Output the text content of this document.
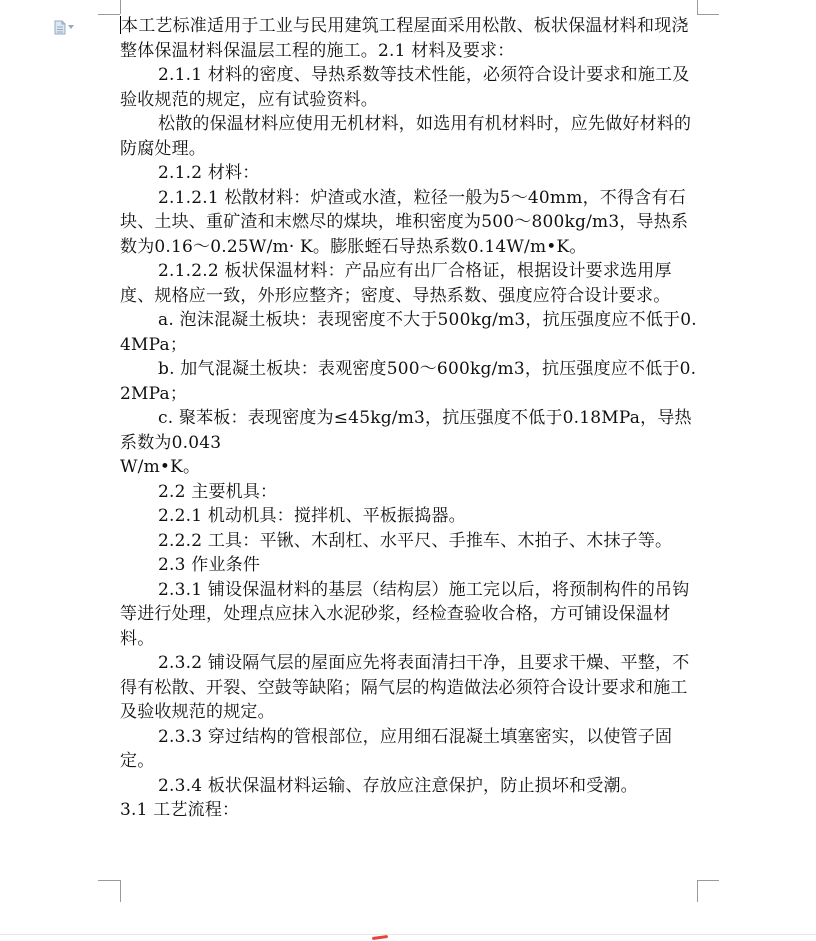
本工艺标准适用于工业与民用建筑工程屋面采用松散、板状保温材料和现浇整体保温材料保温层工程的施工。2.1 材料及要求：

2.1.1 材料的密度、导热系数等技术性能，必须符合设计要求和施工及验收规范的规定，应有试验资料。

松散的保温材料应使用无机材料，如选用有机材料时，应先做好材料的防腐处理。

2.1.2 材料：

2.1.2.1 松散材料：炉渣或水渣，粒径一般为5～40mm，不得含有石块、土块、重矿渣和末燃尽的煤块，堆积密度为500～800kg/m3，导热系数为0.16～0.25W/m· K。膨胀蛭石导热系数0.14W/m•K。

2.1.2.2 板状保温材料：产品应有出厂合格证，根据设计要求选用厚度、规格应一致，外形应整齐；密度、导热系数、强度应符合设计要求。

a. 泡沫混凝土板块：表现密度不大于500kg/m3，抗压强度应不低于0.4MPa；

b. 加气混凝土板块：表观密度500～600kg/m3，抗压强度应不低于0.2MPa；

c. 聚苯板：表现密度为≤45kg/m3，抗压强度不低于0.18MPa，导热系数为0.043

W/m•K。

2.2 主要机具：

2.2.1 机动机具：搅拌机、平板振捣器。

2.2.2 工具：平锹、木刮杠、水平尺、手推车、木拍子、木抹子等。

2.3 作业条件

2.3.1 铺设保温材料的基层（结构层）施工完以后，将预制构件的吊钩等进行处理，处理点应抹入水泥砂浆，经检查验收合格，方可铺设保温材料。

2.3.2 铺设隔气层的屋面应先将表面清扫干净，且要求干燥、平整，不得有松散、开裂、空鼓等缺陷；隔气层的构造做法必须符合设计要求和施工及验收规范的规定。

2.3.3 穿过结构的管根部位，应用细石混凝土填塞密实，以使管子固定。

2.3.4 板状保温材料运输、存放应注意保护，防止损坏和受潮。

3.1 工艺流程：
